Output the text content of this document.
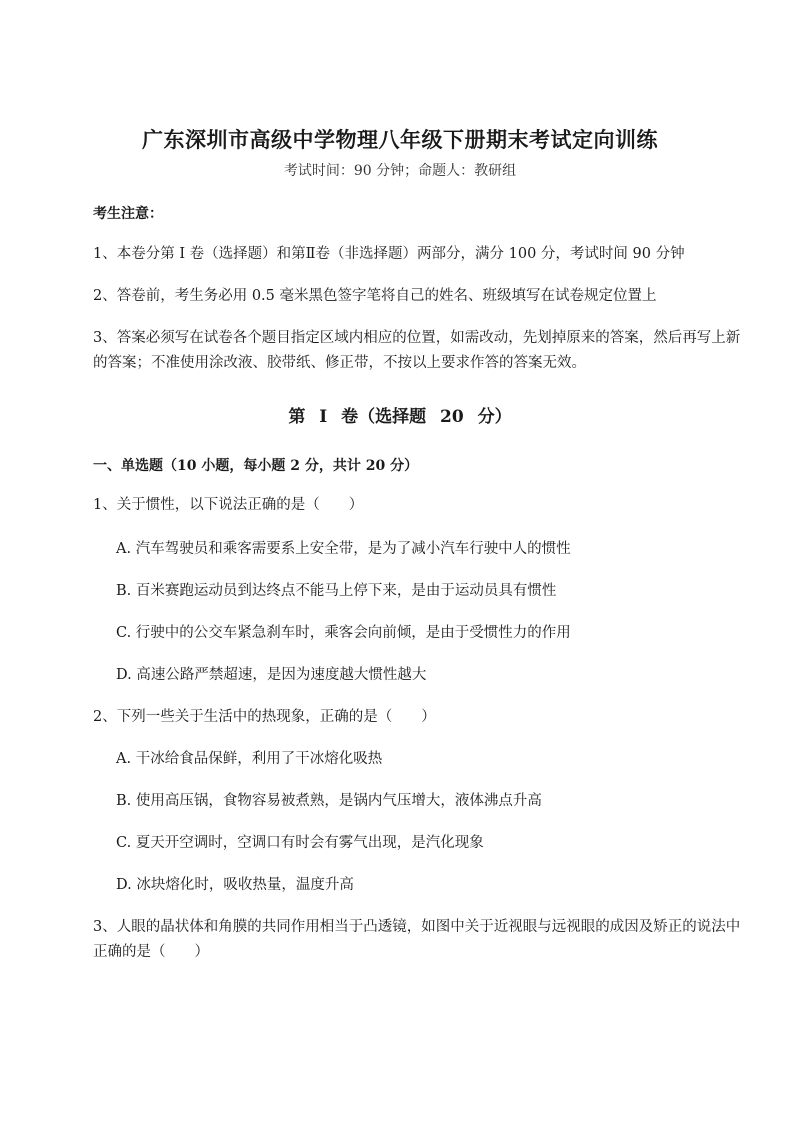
广东深圳市高级中学物理八年级下册期末考试定向训练
考试时间：90 分钟；命题人：教研组
考生注意：
1、本卷分第 I 卷（选择题）和第Ⅱ卷（非选择题）两部分，满分 100 分，考试时间 90 分钟
2、答卷前，考生务必用 0.5 毫米黑色签字笔将自己的姓名、班级填写在试卷规定位置上
3、答案必须写在试卷各个题目指定区域内相应的位置，如需改动，先划掉原来的答案，然后再写上新
的答案；不准使用涂改液、胶带纸、修正带，不按以上要求作答的答案无效。
第 I 卷（选择题 20 分）
一、单选题（10 小题，每小题 2 分，共计 20 分）
1、关于惯性，以下说法正确的是（　　）
A. 汽车驾驶员和乘客需要系上安全带，是为了减小汽车行驶中人的惯性
B. 百米赛跑运动员到达终点不能马上停下来，是由于运动员具有惯性
C. 行驶中的公交车紧急刹车时，乘客会向前倾，是由于受惯性力的作用
D. 高速公路严禁超速，是因为速度越大惯性越大
2、下列一些关于生活中的热现象，正确的是（　　）
A. 干冰给食品保鲜，利用了干冰熔化吸热
B. 使用高压锅，食物容易被煮熟，是锅内气压增大，液体沸点升高
C. 夏天开空调时，空调口有时会有雾气出现，是汽化现象
D. 冰块熔化时，吸收热量，温度升高
3、人眼的晶状体和角膜的共同作用相当于凸透镜，如图中关于近视眼与远视眼的成因及矫正的说法中
正确的是（　　）
